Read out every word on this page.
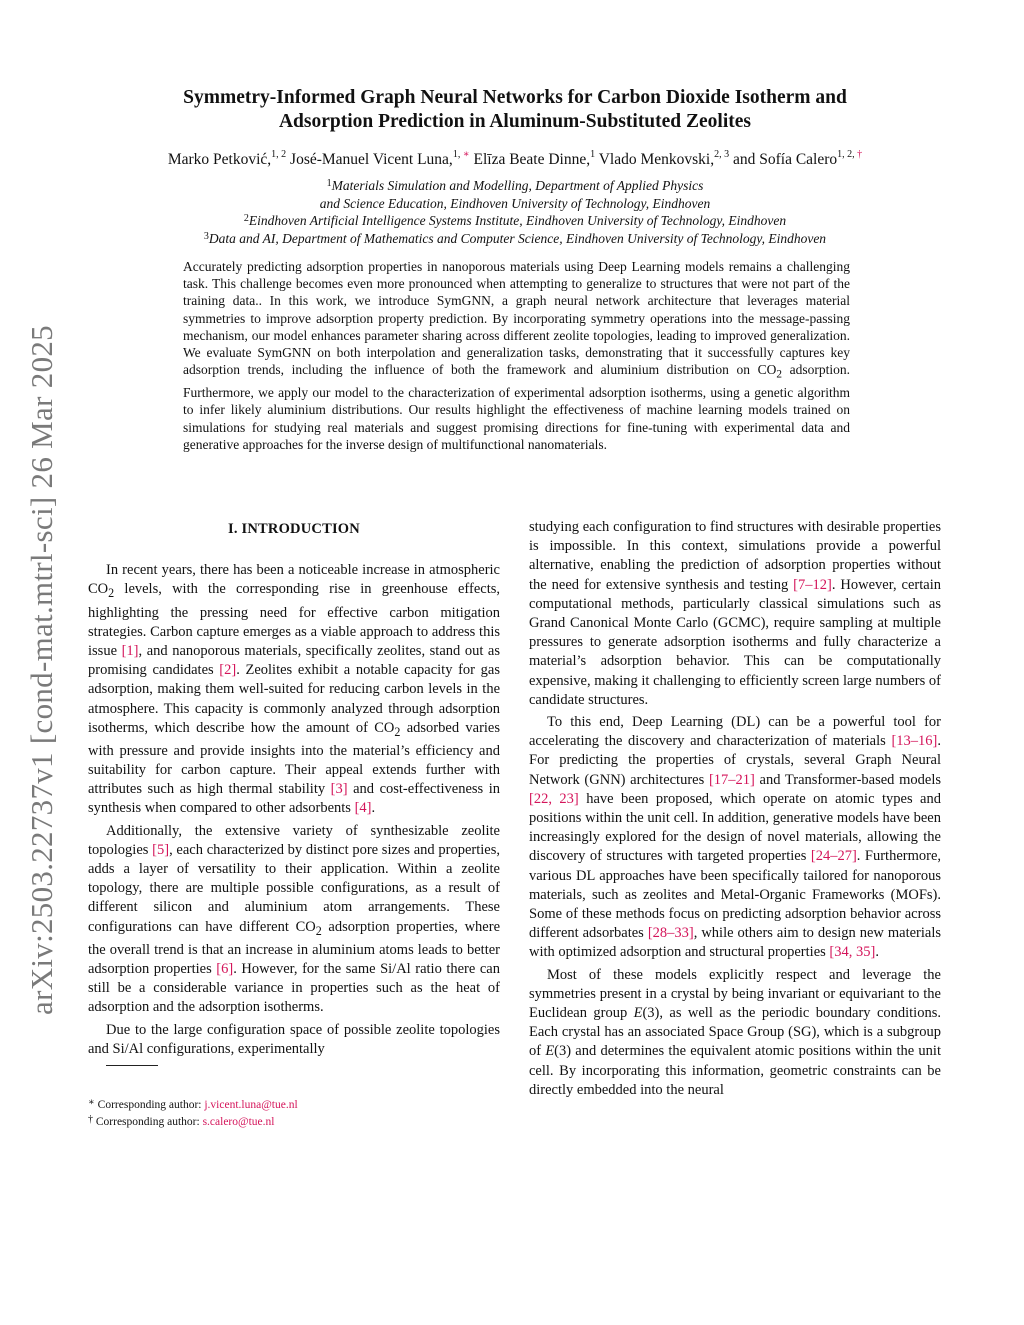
arXiv:2503.22737v1 [cond-mat.mtrl-sci] 26 Mar 2025
Symmetry-Informed Graph Neural Networks for Carbon Dioxide Isotherm and
Adsorption Prediction in Aluminum-Substituted Zeolites
Marko Petković,$^{1, 2}$ José-Manuel Vicent Luna,$^{1, ∗}$ Elīza Beate Dinne,$^1$ Vlado Menkovski,$^{2, 3}$ and Sofía Calero$^{1, 2, \dagger}$
$^1$Materials Simulation and Modelling, Department of Applied Physics
and Science Education, Eindhoven University of Technology, Eindhoven
$^2$Eindhoven Artificial Intelligence Systems Institute, Eindhoven University of Technology, Eindhoven
$^3$Data and AI, Department of Mathematics and Computer Science, Eindhoven University of Technology, Eindhoven

Accurately predicting adsorption properties in nanoporous materials using Deep Learning models remains a challenging task. This challenge becomes even more pronounced when attempting to generalize to structures that were not part of the training data.. In this work, we introduce SymGNN, a graph neural network architecture that leverages material symmetries to improve adsorption property prediction. By incorporating symmetry operations into the message-passing mechanism, our model enhances parameter sharing across different zeolite topologies, leading to improved generalization. We evaluate SymGNN on both interpolation and generalization tasks, demonstrating that it successfully captures key adsorption trends, including the influence of both the framework and aluminium distribution on $CO_2$ adsorption. Furthermore, we apply our model to the characterization of experimental adsorption isotherms, using a genetic algorithm to infer likely aluminium distributions. Our results highlight the effectiveness of machine learning models trained on simulations for studying real materials and suggest promising directions for fine-tuning with experimental data and generative approaches for the inverse design of multifunctional nanomaterials.

I. INTRODUCTION

In recent years, there has been a noticeable increase in atmospheric $CO_2$ levels, with the corresponding rise in greenhouse effects, highlighting the pressing need for effective carbon mitigation strategies. Carbon capture emerges as a viable approach to address this issue [1], and nanoporous materials, specifically zeolites, stand out as promising candidates [2]. Zeolites exhibit a notable capacity for gas adsorption, making them well-suited for reducing carbon levels in the atmosphere. This capacity is commonly analyzed through adsorption isotherms, which describe how the amount of $CO_2$ adsorbed varies with pressure and provide insights into the material’s efficiency and suitability for carbon capture. Their appeal extends further with attributes such as high thermal stability [3] and cost-effectiveness in synthesis when compared to other adsorbents [4].

Additionally, the extensive variety of synthesizable zeolite topologies [5], each characterized by distinct pore sizes and properties, adds a layer of versatility to their application. Within a zeolite topology, there are multiple possible configurations, as a result of different silicon and aluminium atom arrangements. These configurations can have different $CO_2$ adsorption properties, where the overall trend is that an increase in aluminium atoms leads to better adsorption properties [6]. However, for the same Si/Al ratio there can still be a considerable variance in properties such as the heat of adsorption and the adsorption isotherms.

Due to the large configuration space of possible zeolite topologies and Si/Al configurations, experimentally

∗ Corresponding author: j.vicent.luna@tue.nl

† Corresponding author: s.calero@tue.nl

studying each configuration to find structures with desirable properties is impossible. In this context, simulations provide a powerful alternative, enabling the prediction of adsorption properties without the need for extensive synthesis and testing [7–12]. However, certain computational methods, particularly classical simulations such as Grand Canonical Monte Carlo (GCMC), require sampling at multiple pressures to generate adsorption isotherms and fully characterize a material’s adsorption behavior. This can be computationally expensive, making it challenging to efficiently screen large numbers of candidate structures.

To this end, Deep Learning (DL) can be a powerful tool for accelerating the discovery and characterization of materials [13–16]. For predicting the properties of crystals, several Graph Neural Network (GNN) architectures [17–21] and Transformer-based models [22, 23] have been proposed, which operate on atomic types and positions within the unit cell. In addition, generative models have been increasingly explored for the design of novel materials, allowing the discovery of structures with targeted properties [24–27]. Furthermore, various DL approaches have been specifically tailored for nanoporous materials, such as zeolites and Metal-Organic Frameworks (MOFs). Some of these methods focus on predicting adsorption behavior across different adsorbates [28–33], while others aim to design new materials with optimized adsorption and structural properties [34, 35].

Most of these models explicitly respect and leverage the symmetries present in a crystal by being invariant or equivariant to the Euclidean group E(3), as well as the periodic boundary conditions. Each crystal has an associated Space Group (SG), which is a subgroup of E(3) and determines the equivalent atomic positions within the unit cell. By incorporating this information, geometric constraints can be directly embedded into the neural
